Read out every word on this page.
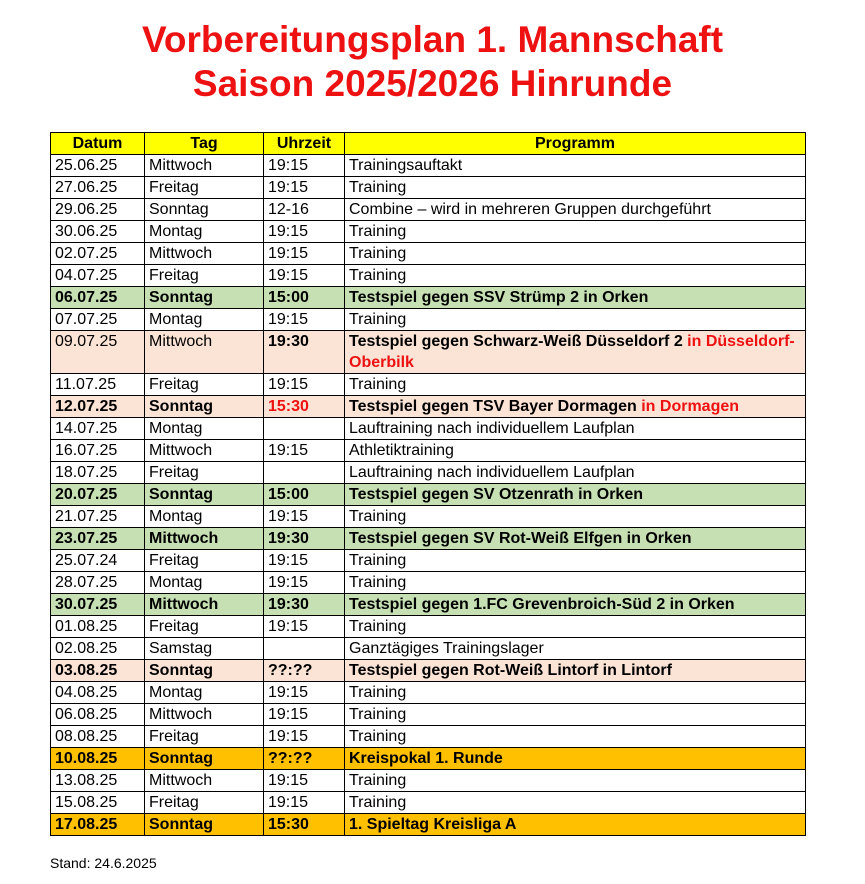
Vorbereitungsplan 1. Mannschaft
Saison 2025/2026 Hinrunde
Datum	Tag	Uhrzeit	Programm
25.06.25	Mittwoch	19:15	Trainingsauftakt
27.06.25	Freitag	19:15	Training
29.06.25	Sonntag	12-16	Combine – wird in mehreren Gruppen durchgeführt
30.06.25	Montag	19:15	Training
02.07.25	Mittwoch	19:15	Training
04.07.25	Freitag	19:15	Training
06.07.25	Sonntag	15:00	Testspiel gegen SSV Strümp 2 in Orken
07.07.25	Montag	19:15	Training
09.07.25	Mittwoch	19:30	Testspiel gegen Schwarz-Weiß Düsseldorf 2 in Düsseldorf-Oberbilk
11.07.25	Freitag	19:15	Training
12.07.25	Sonntag	15:30	Testspiel gegen TSV Bayer Dormagen in Dormagen
14.07.25	Montag		Lauftraining nach individuellem Laufplan
16.07.25	Mittwoch	19:15	Athletiktraining
18.07.25	Freitag		Lauftraining nach individuellem Laufplan
20.07.25	Sonntag	15:00	Testspiel gegen SV Otzenrath in Orken
21.07.25	Montag	19:15	Training
23.07.25	Mittwoch	19:30	Testspiel gegen SV Rot-Weiß Elfgen in Orken
25.07.24	Freitag	19:15	Training
28.07.25	Montag	19:15	Training
30.07.25	Mittwoch	19:30	Testspiel gegen 1.FC Grevenbroich-Süd 2 in Orken
01.08.25	Freitag	19:15	Training
02.08.25	Samstag		Ganztägiges Trainingslager
03.08.25	Sonntag	??:??	Testspiel gegen Rot-Weiß Lintorf in Lintorf
04.08.25	Montag	19:15	Training
06.08.25	Mittwoch	19:15	Training
08.08.25	Freitag	19:15	Training
10.08.25	Sonntag	??:??	Kreispokal 1. Runde
13.08.25	Mittwoch	19:15	Training
15.08.25	Freitag	19:15	Training
17.08.25	Sonntag	15:30	1. Spieltag Kreisliga A
Stand: 24.6.2025
